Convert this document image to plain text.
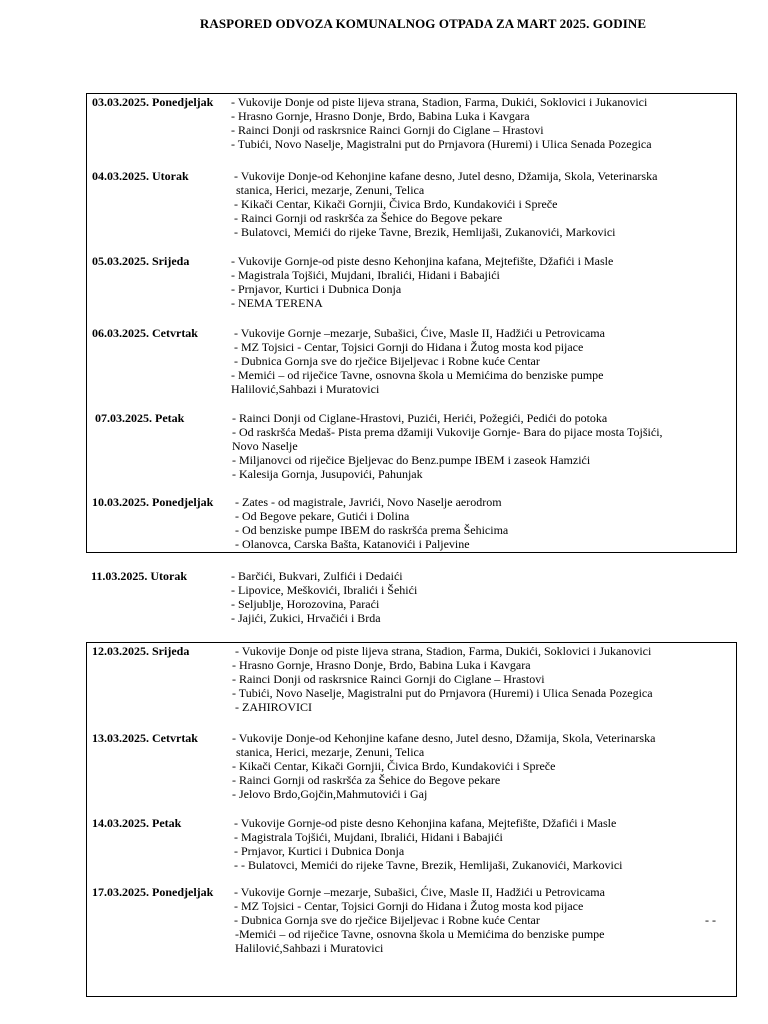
RASPORED ODVOZA KOMUNALNOG OTPADA ZA MART 2025. GODINE
03.03.2025. Ponedjeljak - Vukovije Donje od piste lijeva strana, Stadion, Farma, Dukići, Soklovici i Jukanovici
- Hrasno Gornje, Hrasno Donje, Brdo, Babina Luka i Kavgara
- Rainci Donji od raskrsnice Rainci Gornji do Ciglane – Hrastovi
- Tubići, Novo Naselje, Magistralni put do Prnjavora (Huremi) i Ulica Senada Pozegica
04.03.2025. Utorak	- Vukovije Donje-od Kehonjine kafane desno, Jutel desno, Džamija, Skola, Veterinarska
stanica, Herici, mezarje, Zenuni, Telica
- Kikači Centar, Kikači Gornjii, Čivica Brdo, Kundakovići i Spreče
- Rainci Gornji od raskršća za Šehice do Begove pekare
- Bulatovci, Memići do rijeke Tavne, Brezik, Hemlijaši, Zukanovići, Markovici
05.03.2025. Srijeda	- Vukovije Gornje-od piste desno Kehonjina kafana, Mejtefište, Džafići i Masle
- Magistrala Tojšići, Mujdani, Ibralići, Hidani i Babajići
- Prnjavor, Kurtici i Dubnica Donja
- NEMA TERENA
06.03.2025. Cetvrtak	- Vukovije Gornje –mezarje, Subašici, Ćive, Masle II, Hadžići u Petrovicama
- MZ Tojsici - Centar, Tojsici Gornji do Hidana i Žutog mosta kod pijace
- Dubnica Gornja sve do rječice Bijeljevac i Robne kuće Centar
- Memići – od riječice Tavne, osnovna škola u Memićima do benziske pumpe
Halilović,Sahbazi i Muratovici
07.03.2025. Petak	- Rainci Donji od Ciglane-Hrastovi, Puzići, Herići, Požegići, Pedići do potoka
- Od raskršća Medaš- Pista prema džamiji Vukovije Gornje- Bara do pijace mosta Tojšići,
Novo Naselje
- Miljanovci od riječice Bjeljevac do Benz.pumpe IBEM i zaseok Hamzići
- Kalesija Gornja, Jusupovići, Pahunjak
10.03.2025. Ponedjeljak - Zates - od magistrale, Javrići, Novo Naselje aerodrom
- Od Begove pekare, Gutići i Dolina
- Od benziske pumpe IBEM do raskršća prema Šehicima
- Olanovca, Carska Bašta, Katanovići i Paljevine
11.03.2025. Utorak	- Barčići, Bukvari, Zulfići i Dedaići
- Lipovice, Meškovići, Ibralići i Šehići
- Seljublje, Horozovina, Paraći
- Jajići, Zukici, Hrvačići i Brda
12.03.2025. Srijeda	- Vukovije Donje od piste lijeva strana, Stadion, Farma, Dukići, Soklovici i Jukanovici
- Hrasno Gornje, Hrasno Donje, Brdo, Babina Luka i Kavgara
- Rainci Donji od raskrsnice Rainci Gornji do Ciglane – Hrastovi
- Tubići, Novo Naselje, Magistralni put do Prnjavora (Huremi) i Ulica Senada Pozegica
- ZAHIROVICI
13.03.2025. Cetvrtak	- Vukovije Donje-od Kehonjine kafane desno, Jutel desno, Džamija, Skola, Veterinarska
stanica, Herici, mezarje, Zenuni, Telica
- Kikači Centar, Kikači Gornjii, Čivica Brdo, Kundakovići i Spreče
- Rainci Gornji od raskršća za Šehice do Begove pekare
- Jelovo Brdo,Gojčin,Mahmutovići i Gaj
14.03.2025. Petak	- Vukovije Gornje-od piste desno Kehonjina kafana, Mejtefište, Džafići i Masle
- Magistrala Tojšići, Mujdani, Ibralići, Hidani i Babajići
- Prnjavor, Kurtici i Dubnica Donja
- - Bulatovci, Memići do rijeke Tavne, Brezik, Hemlijaši, Zukanovići, Markovici
17.03.2025. Ponedjeljak - Vukovije Gornje –mezarje, Subašici, Ćive, Masle II, Hadžići u Petrovicama
- MZ Tojsici - Centar, Tojsici Gornji do Hidana i Žutog mosta kod pijace
- Dubnica Gornja sve do rječice Bijeljevac i Robne kuće Centar
-Memići – od riječice Tavne, osnovna škola u Memićima do benziske pumpe
Halilović,Sahbazi i Muratovici
- -
